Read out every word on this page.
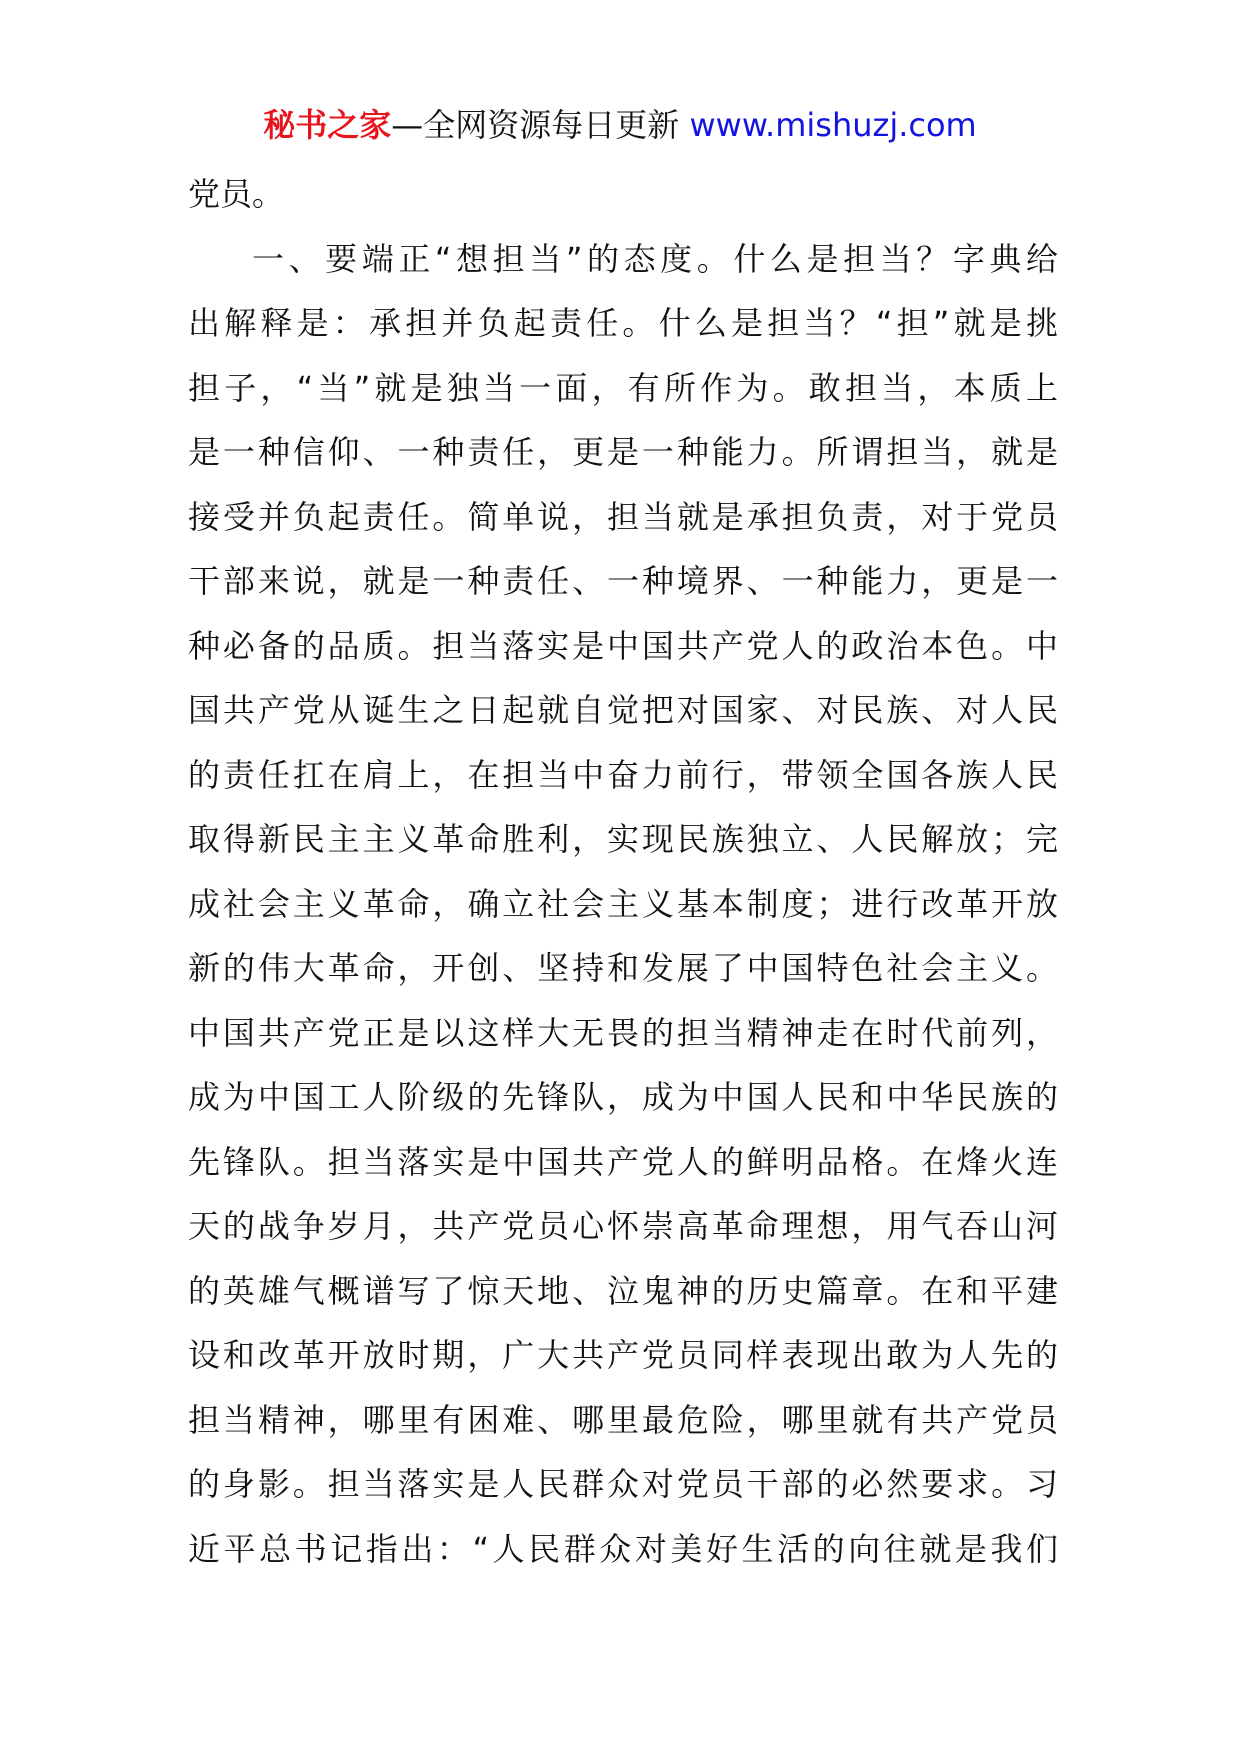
秘书之家—全网资源每日更新 www.mishuzj.com
党员。
一、要端正“想担当”的态度。什么是担当？字典给
出解释是：承担并负起责任。什么是担当？“担”就是挑
担子，“当”就是独当一面，有所作为。敢担当，本质上
是一种信仰、一种责任，更是一种能力。所谓担当，就是
接受并负起责任。简单说，担当就是承担负责，对于党员
干部来说，就是一种责任、一种境界、一种能力，更是一
种必备的品质。担当落实是中国共产党人的政治本色。中
国共产党从诞生之日起就自觉把对国家、对民族、对人民
的责任扛在肩上，在担当中奋力前行，带领全国各族人民
取得新民主主义革命胜利，实现民族独立、人民解放；完
成社会主义革命，确立社会主义基本制度；进行改革开放
新的伟大革命，开创、坚持和发展了中国特色社会主义。
中国共产党正是以这样大无畏的担当精神走在时代前列，
成为中国工人阶级的先锋队，成为中国人民和中华民族的
先锋队。担当落实是中国共产党人的鲜明品格。在烽火连
天的战争岁月，共产党员心怀崇高革命理想，用气吞山河
的英雄气概谱写了惊天地、泣鬼神的历史篇章。在和平建
设和改革开放时期，广大共产党员同样表现出敢为人先的
担当精神，哪里有困难、哪里最危险，哪里就有共产党员
的身影。担当落实是人民群众对党员干部的必然要求。习
近平总书记指出：“人民群众对美好生活的向往就是我们
